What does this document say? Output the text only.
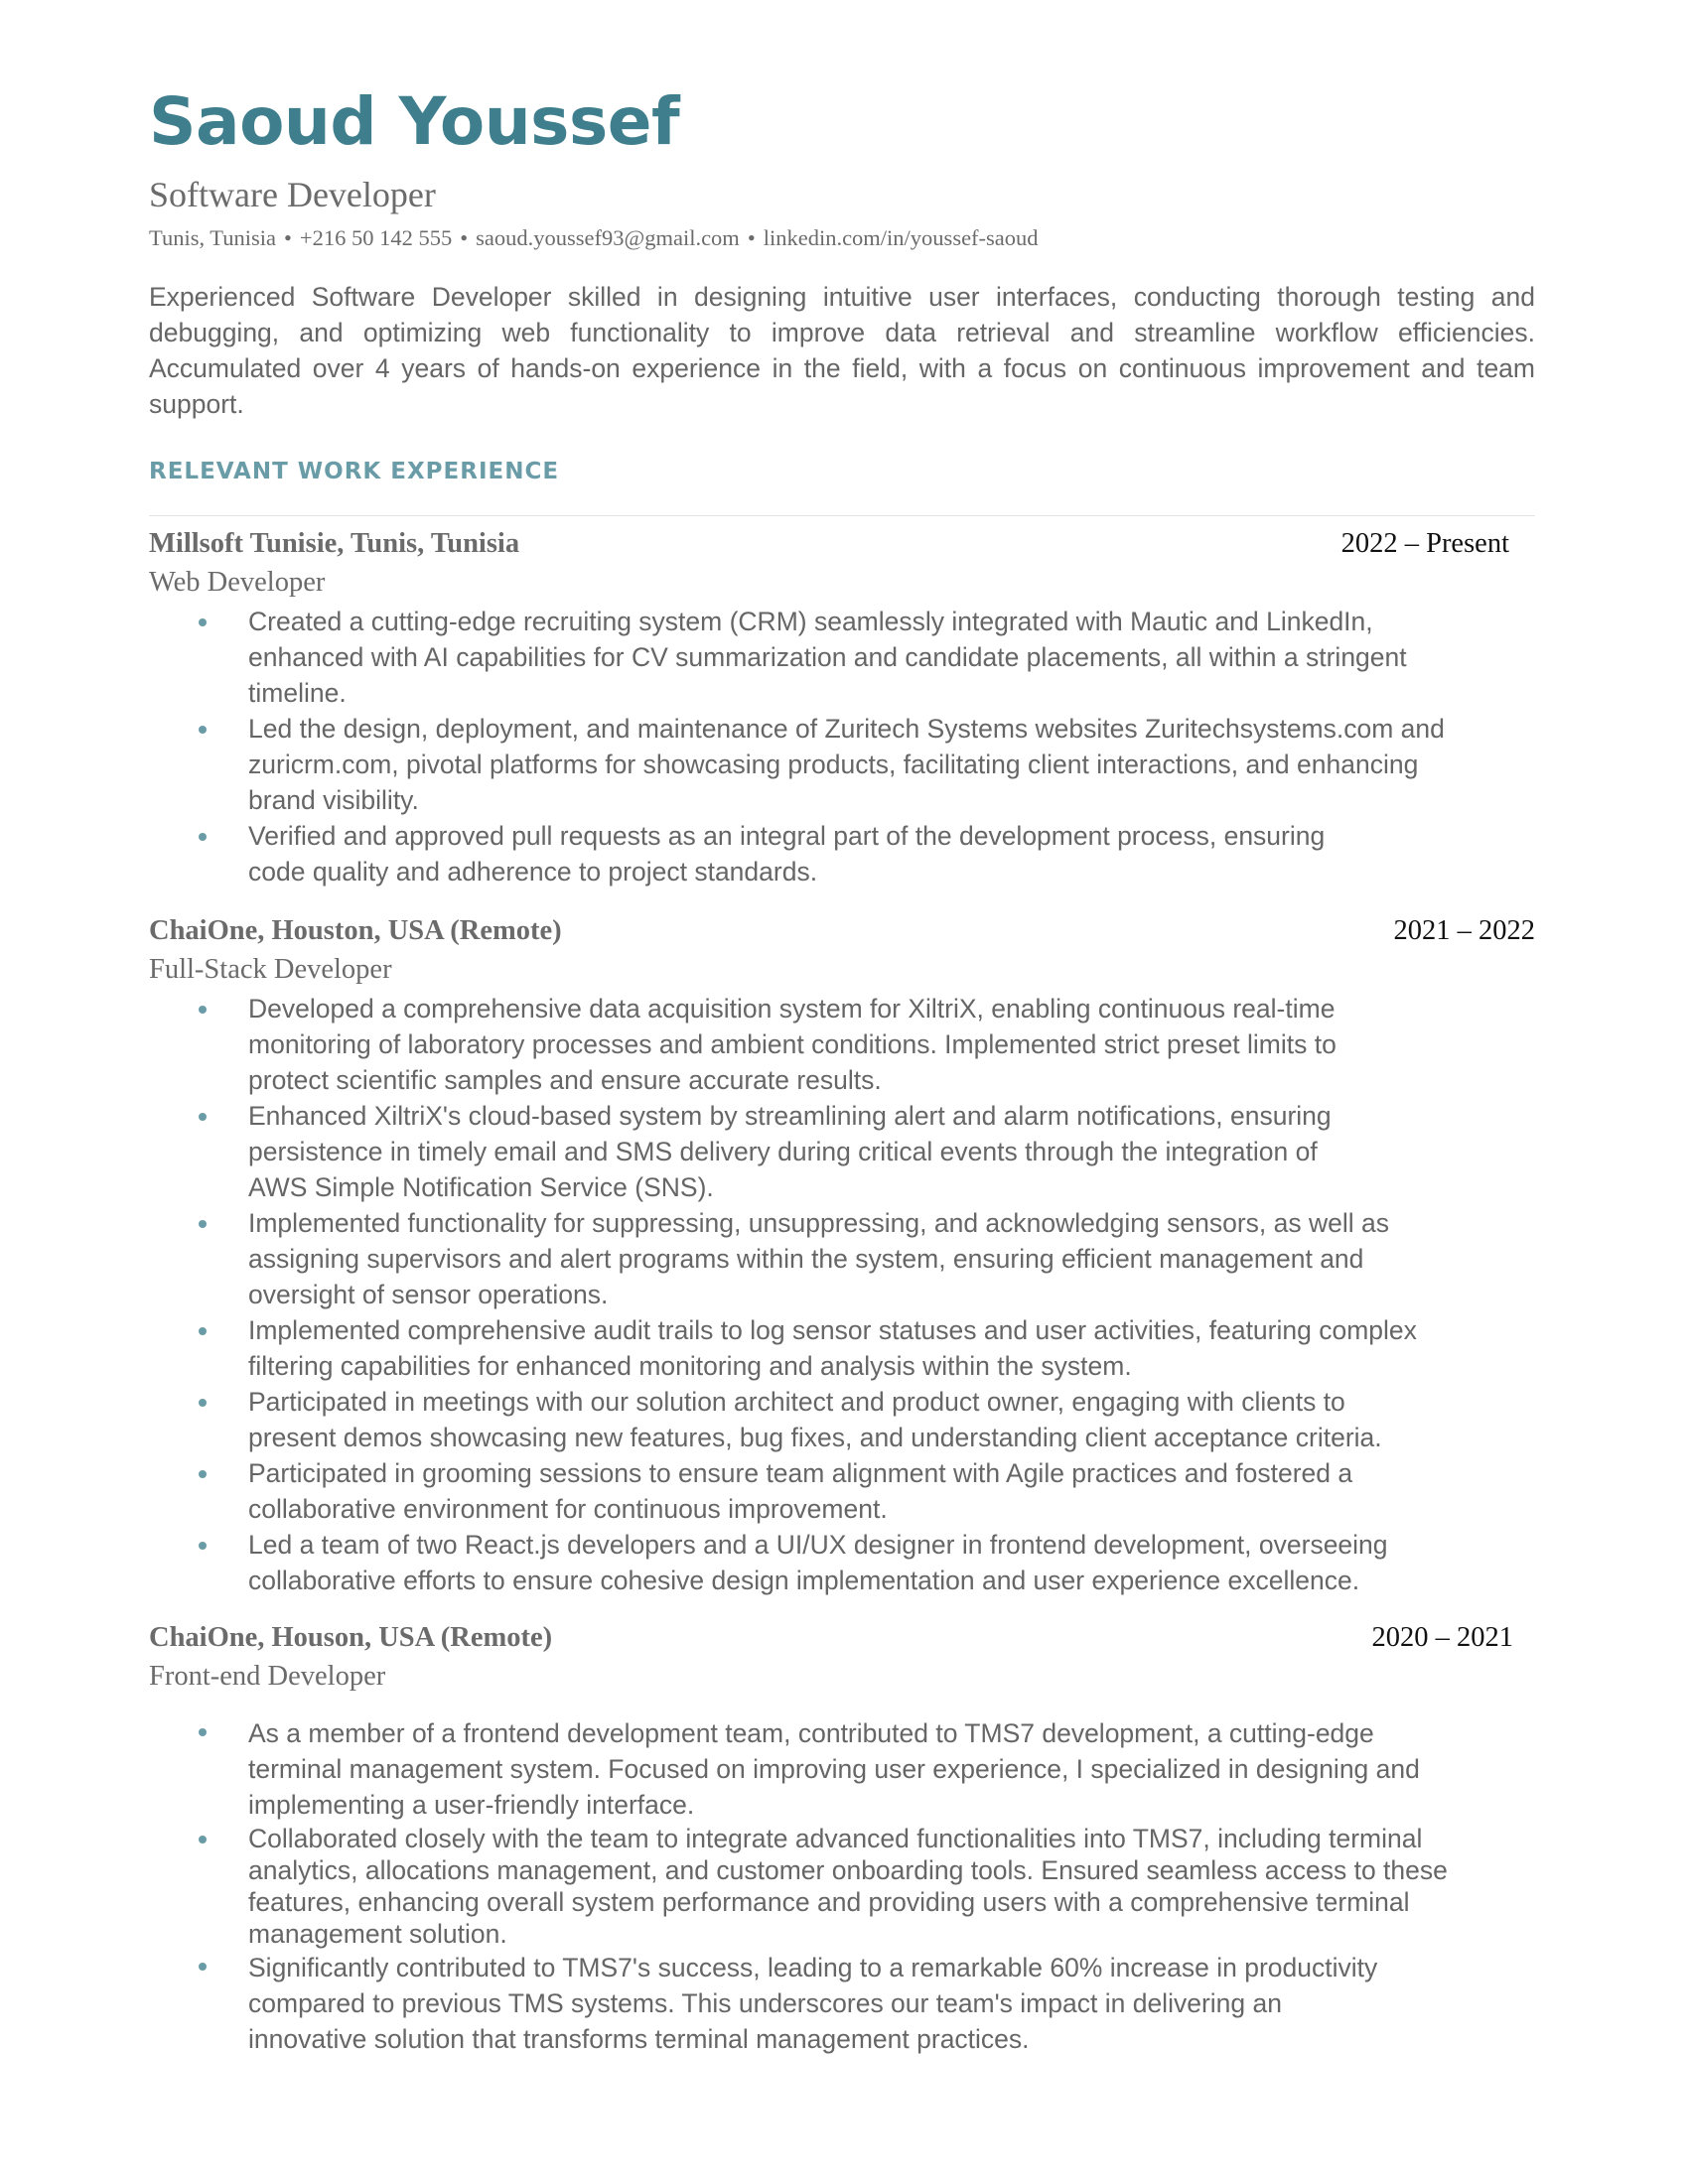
Saoud Youssef
Software Developer
Tunis, Tunisia • +216 50 142 555 • saoud.youssef93@gmail.com • linkedin.com/in/youssef-saoud

Experienced Software Developer skilled in designing intuitive user interfaces, conducting thorough testing and debugging, and optimizing web functionality to improve data retrieval and streamline workflow efficiencies. Accumulated over 4 years of hands-on experience in the field, with a focus on continuous improvement and team support.

RELEVANT WORK EXPERIENCE
Millsoft Tunisie, Tunis, Tunisia	2022 – Present
Web Developer
Created a cutting-edge recruiting system (CRM) seamlessly integrated with Mautic and LinkedIn,
enhanced with AI capabilities for CV summarization and candidate placements, all within a stringent
timeline.
Led the design, deployment, and maintenance of Zuritech Systems websites Zuritechsystems.com and
zuricrm.com, pivotal platforms for showcasing products, facilitating client interactions, and enhancing
brand visibility.
Verified and approved pull requests as an integral part of the development process, ensuring
code quality and adherence to project standards.
ChaiOne, Houston, USA (Remote)	2021 – 2022
Full-Stack Developer
Developed a comprehensive data acquisition system for XiltriX, enabling continuous real-time
monitoring of laboratory processes and ambient conditions. Implemented strict preset limits to
protect scientific samples and ensure accurate results.
Enhanced XiltriX's cloud-based system by streamlining alert and alarm notifications, ensuring
persistence in timely email and SMS delivery during critical events through the integration of
AWS Simple Notification Service (SNS).
Implemented functionality for suppressing, unsuppressing, and acknowledging sensors, as well as
assigning supervisors and alert programs within the system, ensuring efficient management and
oversight of sensor operations.
Implemented comprehensive audit trails to log sensor statuses and user activities, featuring complex
filtering capabilities for enhanced monitoring and analysis within the system.
Participated in meetings with our solution architect and product owner, engaging with clients to
present demos showcasing new features, bug fixes, and understanding client acceptance criteria.
Participated in grooming sessions to ensure team alignment with Agile practices and fostered a
collaborative environment for continuous improvement.
Led a team of two React.js developers and a UI/UX designer in frontend development, overseeing
collaborative efforts to ensure cohesive design implementation and user experience excellence.
ChaiOne, Houson, USA (Remote)	2020 – 2021
Front-end Developer
As a member of a frontend development team, contributed to TMS7 development, a cutting-edge
terminal management system. Focused on improving user experience, I specialized in designing and
implementing a user-friendly interface.
Collaborated closely with the team to integrate advanced functionalities into TMS7, including terminal
analytics, allocations management, and customer onboarding tools. Ensured seamless access to these
features, enhancing overall system performance and providing users with a comprehensive terminal
management solution.
Significantly contributed to TMS7's success, leading to a remarkable 60% increase in productivity
compared to previous TMS systems. This underscores our team's impact in delivering an
innovative solution that transforms terminal management practices.
